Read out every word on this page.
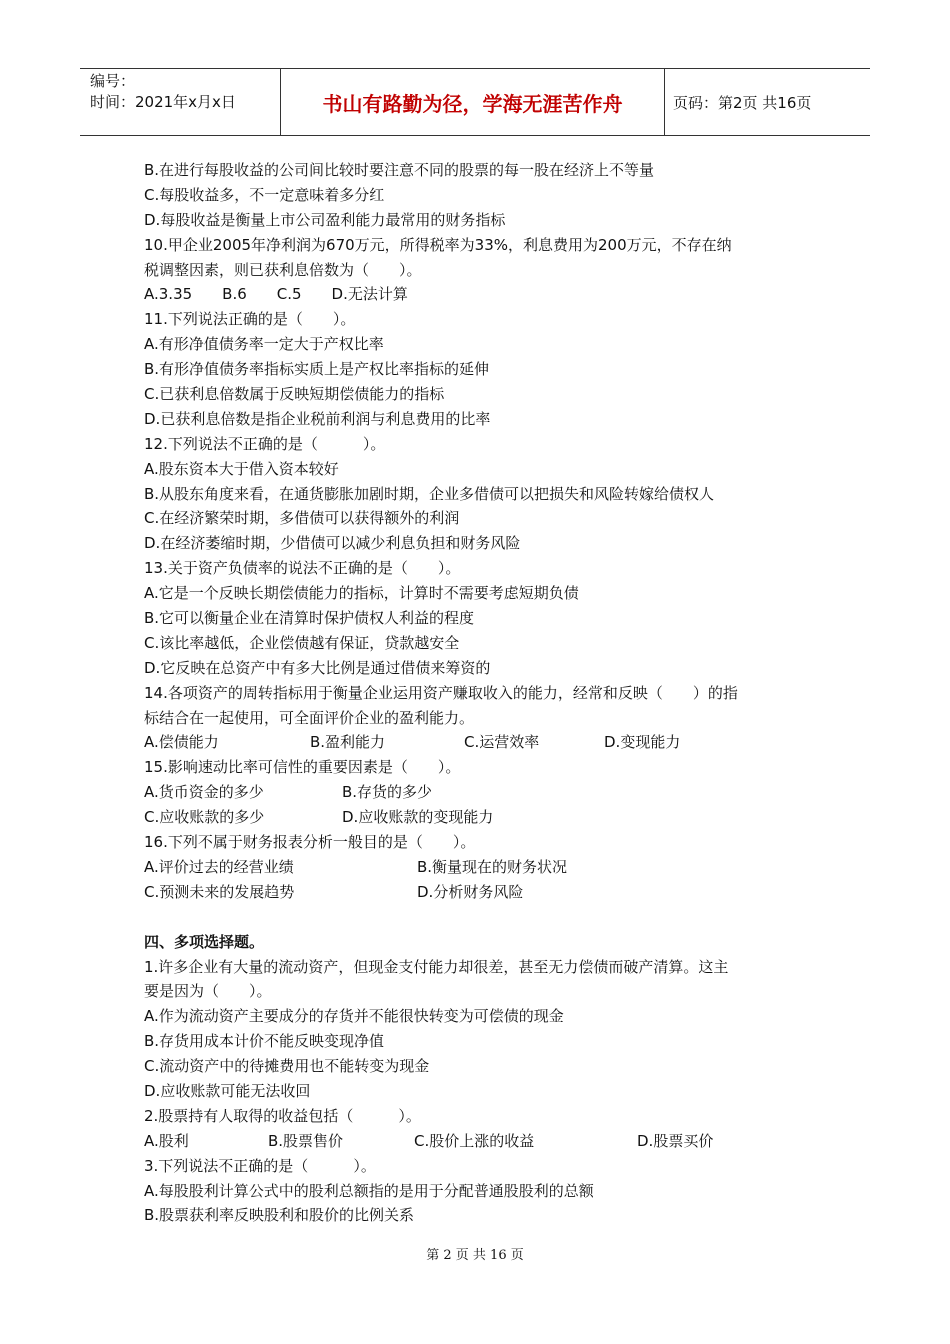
编号：
时间：2021年x月x日	书山有路勤为径，学海无涯苦作舟	页码：第2页 共16页
B.在进行每股收益的公司间比较时要注意不同的股票的每一股在经济上不等量
C.每股收益多，不一定意味着多分红
D.每股收益是衡量上市公司盈利能力最常用的财务指标
10.甲企业2005年净利润为670万元，所得税率为33%，利息费用为200万元，不存在纳
税调整因素，则已获利息倍数为（　　）。
A.3.35　　B.6　　C.5　　D.无法计算
11.下列说法正确的是（　　）。
A.有形净值债务率一定大于产权比率
B.有形净值债务率指标实质上是产权比率指标的延伸
C.已获利息倍数属于反映短期偿债能力的指标
D.已获利息倍数是指企业税前利润与利息费用的比率
12.下列说法不正确的是（　　　）。
A.股东资本大于借入资本较好
B.从股东角度来看，在通货膨胀加剧时期，企业多借债可以把损失和风险转嫁给债权人
C.在经济繁荣时期，多借债可以获得额外的利润
D.在经济萎缩时期，少借债可以减少利息负担和财务风险
13.关于资产负债率的说法不正确的是（　　）。
A.它是一个反映长期偿债能力的指标，计算时不需要考虑短期负债
B.它可以衡量企业在清算时保护债权人利益的程度
C.该比率越低，企业偿债越有保证，贷款越安全
D.它反映在总资产中有多大比例是通过借债来筹资的
14.各项资产的周转指标用于衡量企业运用资产赚取收入的能力，经常和反映（　　）的指
标结合在一起使用，可全面评价企业的盈利能力。
A.偿债能力	B.盈利能力	C.运营效率	D.变现能力
15.影响速动比率可信性的重要因素是（　　）。
A.货币资金的多少	B.存货的多少
C.应收账款的多少	D.应收账款的变现能力
16.下列不属于财务报表分析一般目的是（　　）。
A.评价过去的经营业绩	B.衡量现在的财务状况
C.预测未来的发展趋势	D.分析财务风险
四、多项选择题。
1.许多企业有大量的流动资产，但现金支付能力却很差，甚至无力偿债而破产清算。这主
要是因为（　　）。
A.作为流动资产主要成分的存货并不能很快转变为可偿债的现金
B.存货用成本计价不能反映变现净值
C.流动资产中的待摊费用也不能转变为现金
D.应收账款可能无法收回
2.股票持有人取得的收益包括（　　　）。
A.股利	B.股票售价	C.股价上涨的收益	D.股票买价
3.下列说法不正确的是（　　　）。
A.每股股利计算公式中的股利总额指的是用于分配普通股股利的总额
B.股票获利率反映股利和股价的比例关系
第 2 页 共 16 页
